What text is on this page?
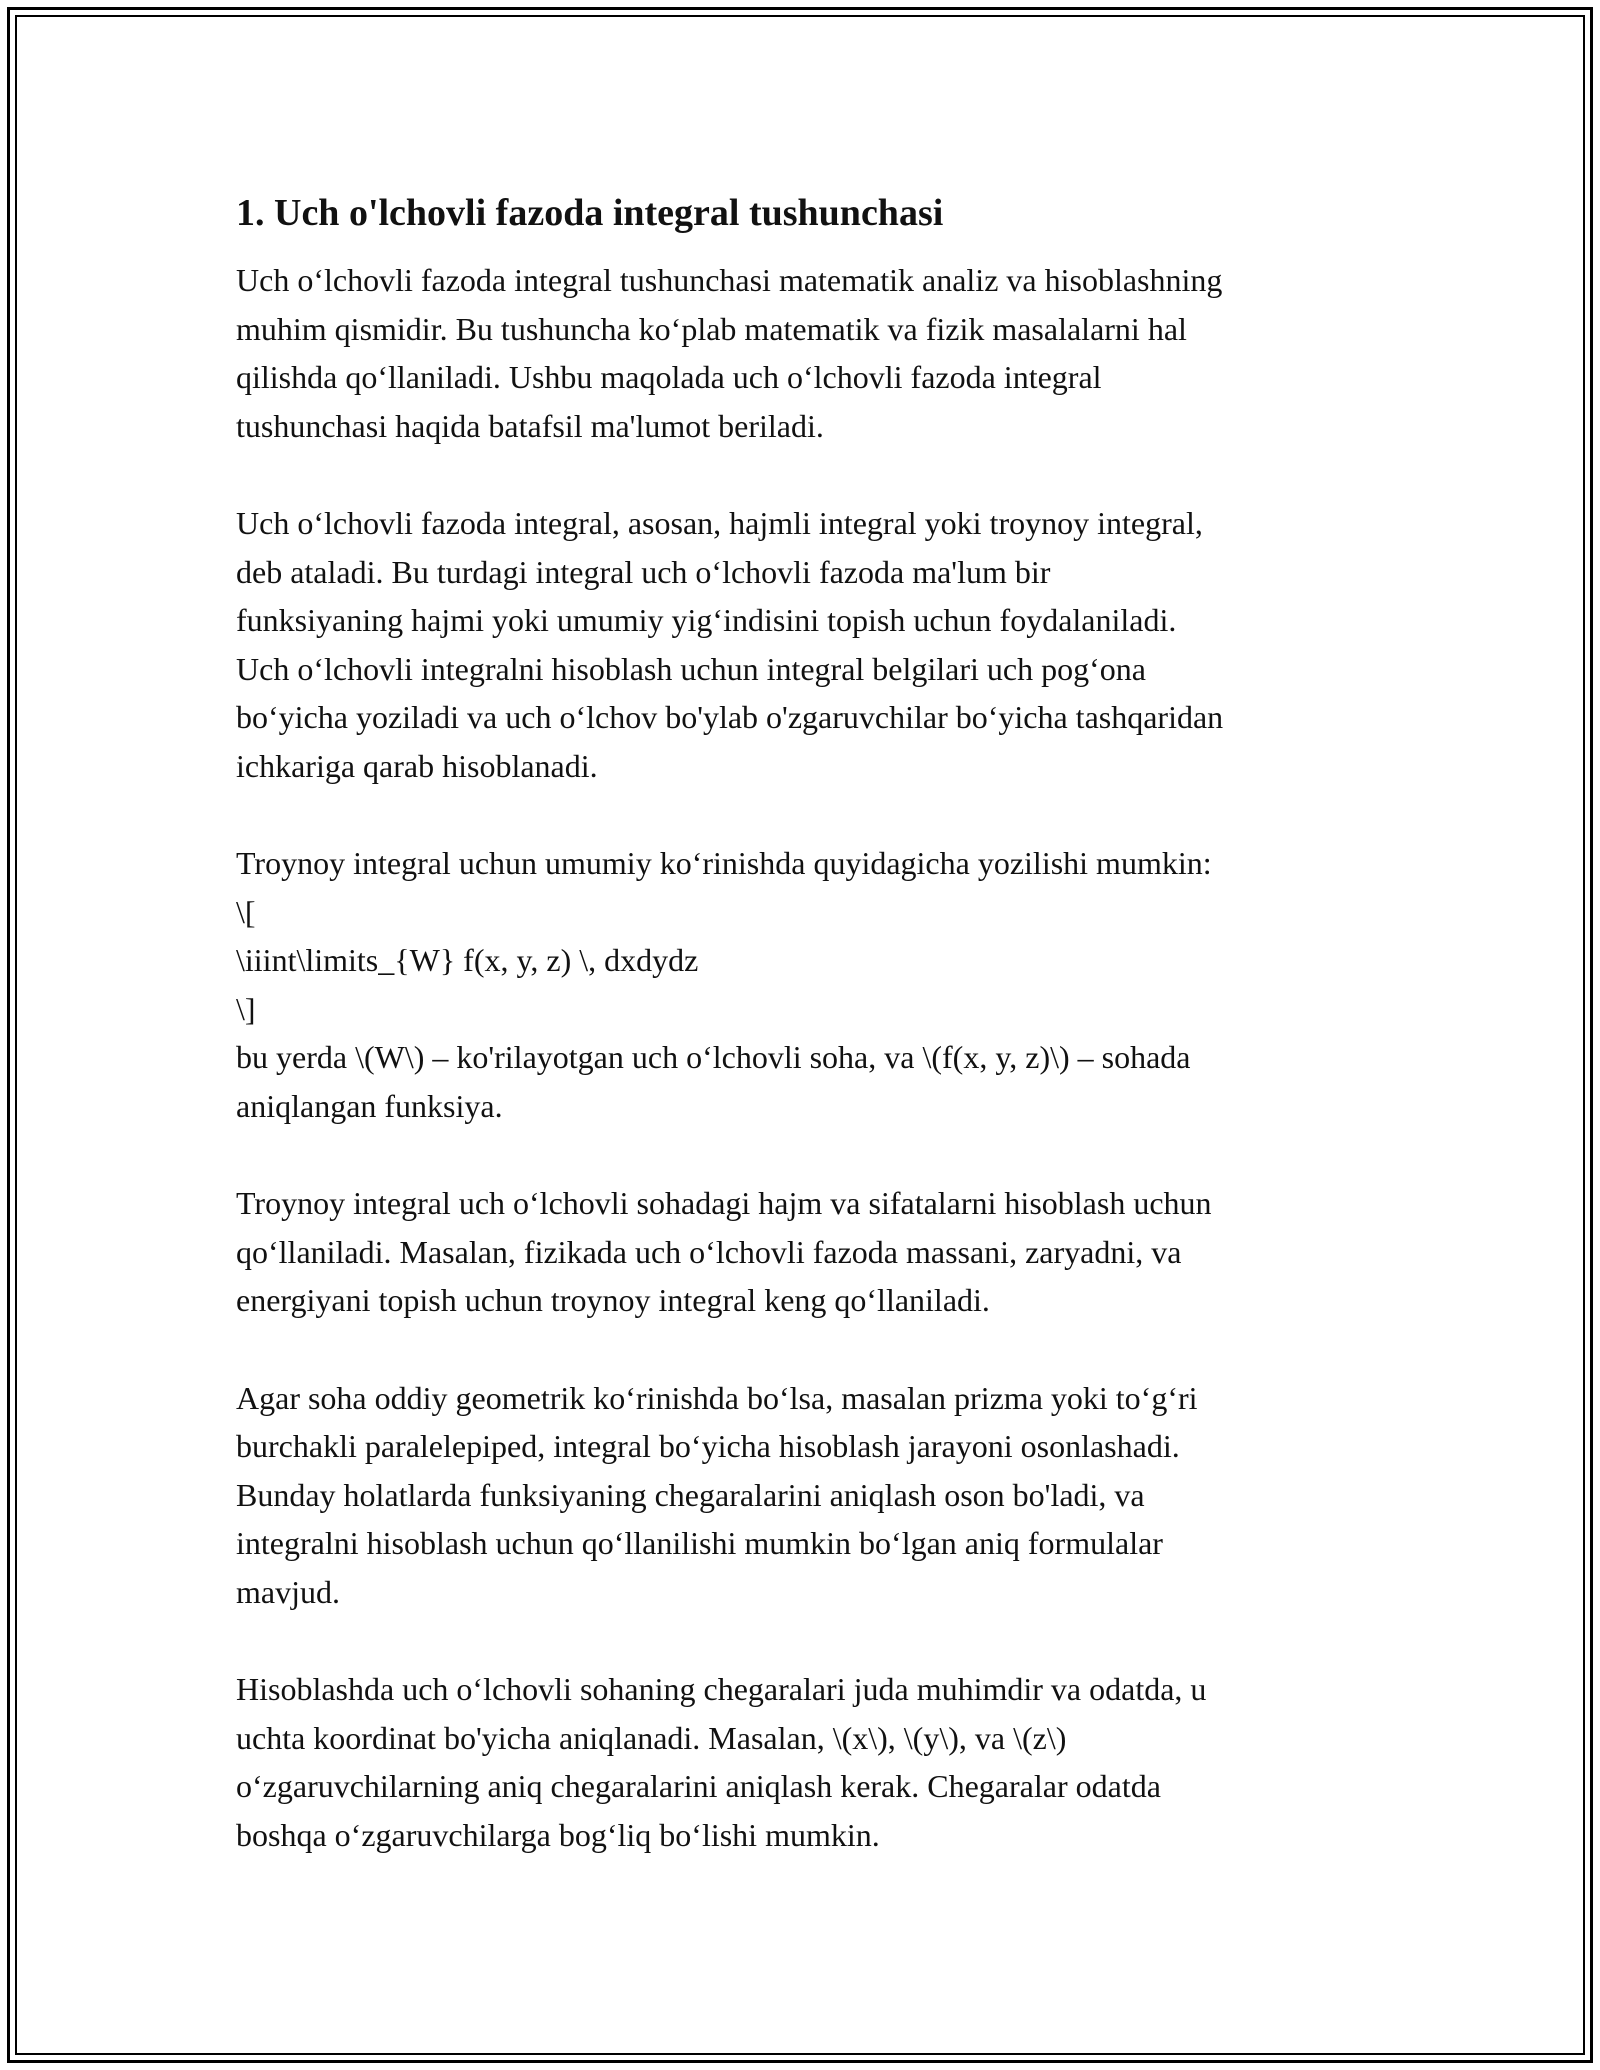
1. Uch o'lchovli fazoda integral tushunchasi
Uch o‘lchovli fazoda integral tushunchasi matematik analiz va hisoblashning
muhim qismidir. Bu tushuncha ko‘plab matematik va fizik masalalarni hal
qilishda qo‘llaniladi. Ushbu maqolada uch o‘lchovli fazoda integral
tushunchasi haqida batafsil ma'lumot beriladi.
Uch o‘lchovli fazoda integral, asosan, hajmli integral yoki troynoy integral,
deb ataladi. Bu turdagi integral uch o‘lchovli fazoda ma'lum bir
funksiyaning hajmi yoki umumiy yig‘indisini topish uchun foydalaniladi.
Uch o‘lchovli integralni hisoblash uchun integral belgilari uch pog‘ona
bo‘yicha yoziladi va uch o‘lchov bo'ylab o'zgaruvchilar bo‘yicha tashqaridan
ichkariga qarab hisoblanadi.
Troynoy integral uchun umumiy ko‘rinishda quyidagicha yozilishi mumkin:
\[
\iiint\limits_{W} f(x, y, z) \, dxdydz
\]
bu yerda \(W\) – ko'rilayotgan uch o‘lchovli soha, va \(f(x, y, z)\) – sohada
aniqlangan funksiya.
Troynoy integral uch o‘lchovli sohadagi hajm va sifatalarni hisoblash uchun
qo‘llaniladi. Masalan, fizikada uch o‘lchovli fazoda massani, zaryadni, va
energiyani topish uchun troynoy integral keng qo‘llaniladi.
Agar soha oddiy geometrik ko‘rinishda bo‘lsa, masalan prizma yoki to‘g‘ri
burchakli paralelepiped, integral bo‘yicha hisoblash jarayoni osonlashadi.
Bunday holatlarda funksiyaning chegaralarini aniqlash oson bo'ladi, va
integralni hisoblash uchun qo‘llanilishi mumkin bo‘lgan aniq formulalar
mavjud.
Hisoblashda uch o‘lchovli sohaning chegaralari juda muhimdir va odatda, u
uchta koordinat bo'yicha aniqlanadi. Masalan, \(x\), \(y\), va \(z\)
o‘zgaruvchilarning aniq chegaralarini aniqlash kerak. Chegaralar odatda
boshqa o‘zgaruvchilarga bog‘liq bo‘lishi mumkin.
